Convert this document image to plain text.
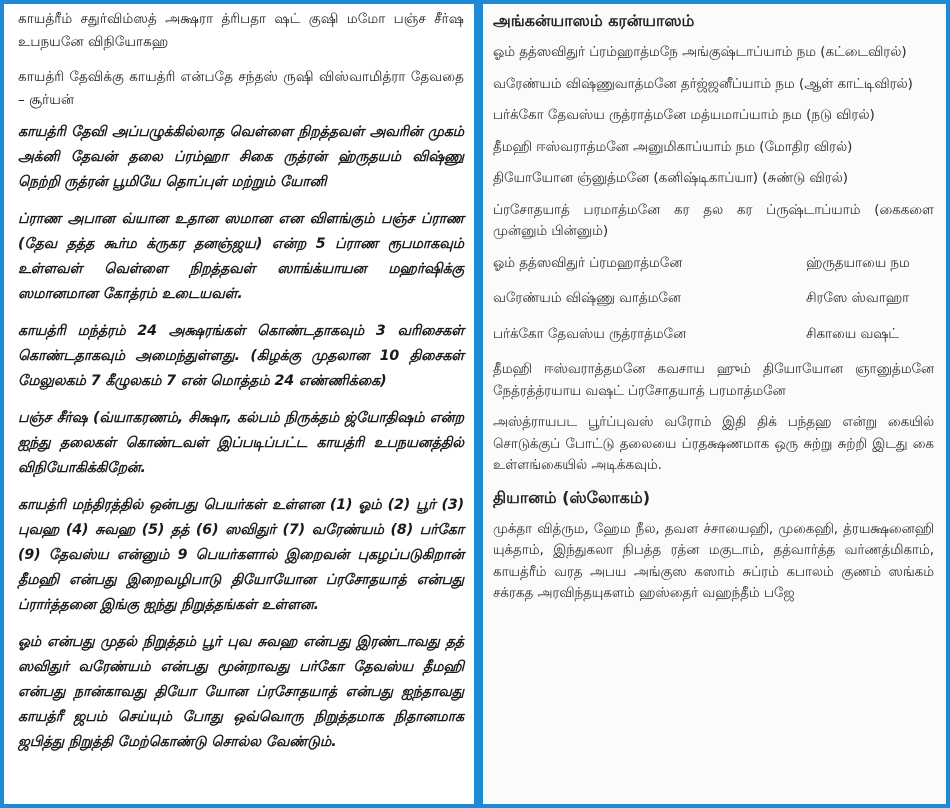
காயத்ரீம் சதுர்விம்ஸத் அக்ஷரா த்ரிபதா ஷட் குஷி மமோ பஞ்ச சீர்ஷ உபநயனே விநியோகஹ

காயத்ரி தேவிக்கு காயத்ரி என்பதே சந்தஸ் ருஷி விஸ்வாமித்ரா தேவதை – சூர்யன்

காயத்ரி தேவி அப்பழுக்கில்லாத வெள்ளை நிறத்தவள் அவரின் முகம் அக்னி தேவன் தலை ப்ரம்ஹா சிகை ருத்ரன் ஹ்ருதயம் விஷ்ணு நெற்றி ருத்ரன் பூமியே தொப்புள் மற்றும் யோனி

ப்ராண அபான வ்யான உதான ஸமான என விளங்கும் பஞ்ச ப்ராண (தேவ தத்த கூர்ம க்ருகர தனஞ்ஜய) என்ற 5 ப்ராண ரூபமாகவும் உள்ளவள் வெள்ளை நிறத்தவள் ஸாங்க்யாயன மஹர்ஷிக்கு ஸமானமான கோத்ரம் உடையவள்.

காயத்ரி மந்த்ரம் 24 அக்ஷரங்கள் கொண்டதாகவும் 3 வரிசைகள் கொண்டதாகவும் அமைந்துள்ளது. (கிழக்கு முதலான 10 திசைகள் மேலுலகம் 7 கீழுலகம் 7 என் மொத்தம் 24 எண்ணிக்கை)

பஞ்ச சீர்ஷ (வ்யாகரணம், சிக்ஷா, கல்பம் நிருக்தம் ஜ்யோதிஷம் என்ற ஐந்து தலைகள் கொண்டவள் இப்படிப்பட்ட காயத்ரி உபநயனத்தில் விநியோகிக்கிறேன்.

காயத்ரி மந்திரத்தில் ஒன்பது பெயர்கள் உள்ளன (1) ஓம் (2) பூர் (3) புவஹ (4) சுவஹ (5) தத் (6) ஸவிதுர் (7) வரேண்யம் (8) பர்கோ (9) தேவஸ்ய என்னும் 9 பெயர்களால் இறைவன் புகழப்படுகிறான் தீமஹி என்பது இறைவழிபாடு தியோயோன ப்ரசோதயாத் என்பது ப்ரார்த்தனை இங்கு ஐந்து நிறுத்தங்கள் உள்ளன.

ஓம் என்பது முதல் நிறுத்தம் பூர் புவ சுவஹ என்பது இரண்டாவது தத் ஸவிதுர் வரேண்யம் என்பது மூன்றாவது பர்கோ தேவஸ்ய தீமஹி என்பது நான்காவது தியோ யோன ப்ரசோதயாத் என்பது ஐந்தாவது காயத்ரீ ஜபம் செய்யும் போது ஒவ்வொரு நிறுத்தமாக நிதானமாக ஜபித்து நிறுத்தி மேற்கொண்டு சொல்ல வேண்டும்.

அங்கன்யாஸம் கரன்யாஸம்

ஓம் தத்ஸவிதுர் ப்ரம்ஹாத்மநே அங்குஷ்டாப்யாம் நம (கட்டைவிரல்)

வரேண்யம் விஷ்ணுவாத்மனே தர்ஜ்ஜனீப்யாம் நம (ஆள் காட்டிவிரல்)

பர்க்கோ தேவஸ்ய ருத்ராத்மனே மத்யமாப்யாம் நம (நடு விரல்)

தீமஹி ஈஸ்வராத்மனே அனுமிகாப்யாம் நம (மோதிர விரல்)

தியோயோன ஞ்னுத்மனே (கனிஷ்டிகாப்யா) (சுண்டு விரல்)

ப்ரசோதயாத் பரமாத்மனே கர தல கர ப்ருஷ்டாப்யாம் (கைகளை முன்னும் பின்னும்)

ஓம் தத்ஸவிதுர் ப்ரமஹாத்மனே	ஹ்ருதயாயை நம
வரேண்யம் விஷ்ணு வாத்மனே	சிரஸே ஸ்வாஹா
பர்க்கோ தேவஸ்ய ருத்ராத்மனே	சிகாயை வஷட்

தீமஹி ஈஸ்வராத்தமனே கவசாய ஹும் தியோயோன ஞானுத்மனே நேத்ரத்த்ரயாய வஷட் ப்ரசோதயாத் பரமாத்மனே

அஸ்த்ராயபட பூர்ப்புவஸ் வரோம் இதி திக் பந்தஹ என்று கையில் சொடுக்குப் போட்டு தலையை ப்ரதக்ஷணமாக ஒரு சுற்று சுற்றி இடது கை உள்ளங்கையில் அடிக்கவும்.

தியானம் (ஸ்லோகம்)

முக்தா வித்ரும, ஹேம நீல, தவள ச்சாயைஹி, முகைஹி, த்ரயக்ஷனைஹி யுக்தாம், இந்துகலா நிபத்த ரத்ன மகுடாம், தத்வார்த்த வர்ணத்மிகாம், காயத்ரீம் வரத அபய அங்குஸ கஸாம் சுப்ரம் கபாலம் குணம் ஸங்கம் சக்ரகத அரவிந்தயுகளம் ஹஸ்தைர் வஹந்தீம் பஜே
